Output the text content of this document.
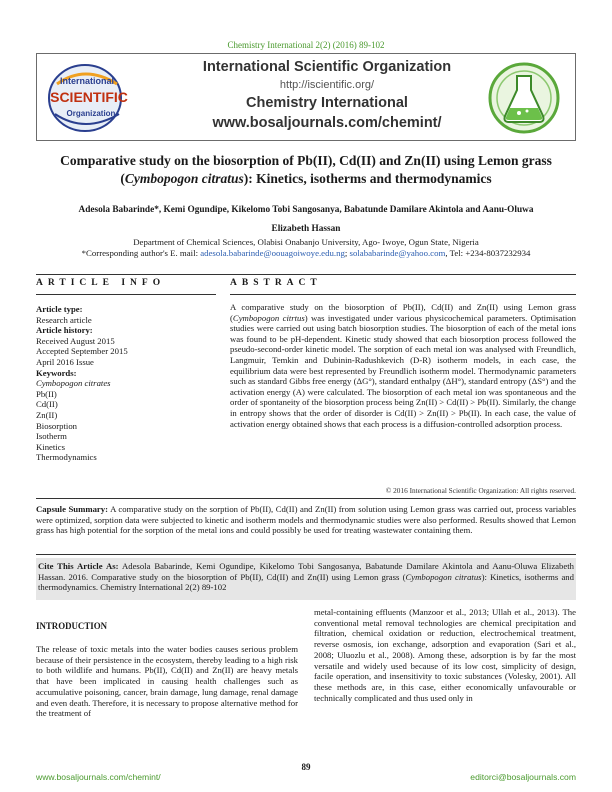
Chemistry International 2(2) (2016) 89-102
International
SCIENTIFIC
Organization
International Scientific Organization
http://iscientific.org/
Chemistry International
www.bosaljournals.com/chemint/
Comparative study on the biosorption of Pb(II), Cd(II) and Zn(II) using Lemon grass
(Cymbopogon citratus): Kinetics, isotherms and thermodynamics
Adesola Babarinde*, Kemi Ogundipe, Kikelomo Tobi Sangosanya, Babatunde Damilare Akintola and Aanu-Oluwa
Elizabeth Hassan
Department of Chemical Sciences, Olabisi Onabanjo University, Ago- Iwoye, Ogun State, Nigeria
*Corresponding author's E. mail: adesola.babarinde@oouagoiwoye.edu.ng; solababarinde@yahoo.com, Tel: +234-8037232934
ARTICLE INFO	ABSTRACT
Article type:
Research article
Article history:
Received August 2015
Accepted September 2015
April 2016 Issue
Keywords:
Cymbopogon citrates
Pb(II)
Cd(II)
Zn(II)
Biosorption
Isotherm
Kinetics
Thermodynamics
A comparative study on the biosorption of Pb(II), Cd(II) and Zn(II) using Lemon grass (Cymbopogon citrtus) was investigated under various physicochemical parameters. Optimisation studies were carried out using batch biosorption studies. The biosorption of each of the metal ions was found to be pH-dependent. Kinetic study showed that each biosorption process followed the pseudo-second-order kinetic model. The sorption of each metal ion was analysed with Freundlich, Langmuir, Temkin and Dubinin-Radushkevich (D-R) isotherm models, in each case, the equilibrium data were best represented by Freundlich isotherm model. Thermodynamic parameters such as standard Gibbs free energy (ΔG°), standard enthalpy (ΔH°), standard entropy (ΔS°) and the activation energy (A) were calculated. The biosorption of each metal ion was spontaneous and the order of spontaneity of the biosorption process being Zn(II) > Cd(II) > Pb(II). Similarly, the change in entropy shows that the order of disorder is Cd(II) > Zn(II) > Pb(II). In each case, the value of activation energy obtained shows that each process is a diffusion-controlled adsorption process.
© 2016 International Scientific Organization: All rights reserved.
Capsule Summary: A comparative study on the sorption of Pb(II), Cd(II) and Zn(II) from solution using Lemon grass was carried out, process variables were optimized, sorption data were subjected to kinetic and isotherm models and thermodynamic studies were also performed. Results showed that Lemon grass has high potential for the sorption of the metal ions and could possibly be used for treating wastewater containing them.
Cite This Article As: Adesola Babarinde, Kemi Ogundipe, Kikelomo Tobi Sangosanya, Babatunde Damilare Akintola and Aanu-Oluwa Elizabeth Hassan. 2016. Comparative study on the biosorption of Pb(II), Cd(II) and Zn(II) using Lemon grass (Cymbopogon citratus): Kinetics, isotherms and thermodynamics. Chemistry International 2(2) 89-102
INTRODUCTION
The release of toxic metals into the water bodies causes serious problem because of their persistence in the ecosystem, thereby leading to a high risk to both wildlife and humans. Pb(II), Cd(II) and Zn(II) are heavy metals that have been implicated in causing health challenges such as accumulative poisoning, cancer, brain damage, lung damage, renal damage and even death. Therefore, it is necessary to propose alternative method for the treatment of
metal-containing effluents (Manzoor et al., 2013; Ullah et al., 2013). The conventional metal removal technologies are chemical precipitation and filtration, chemical oxidation or reduction, electrochemical treatment, reverse osmosis, ion exchange, adsorption and evaporation (Sari et al., 2008; Uluozlu et al., 2008). Among these, adsorption is by far the most versatile and widely used because of its low cost, simplicity of design, facile operation, and insensitivity to toxic substances (Volesky, 2001). All these methods are, in this case, either economically unfavourable or technically complicated and thus used only in
89
www.bosaljournals.com/chemint/	editorci@bosaljournals.com
